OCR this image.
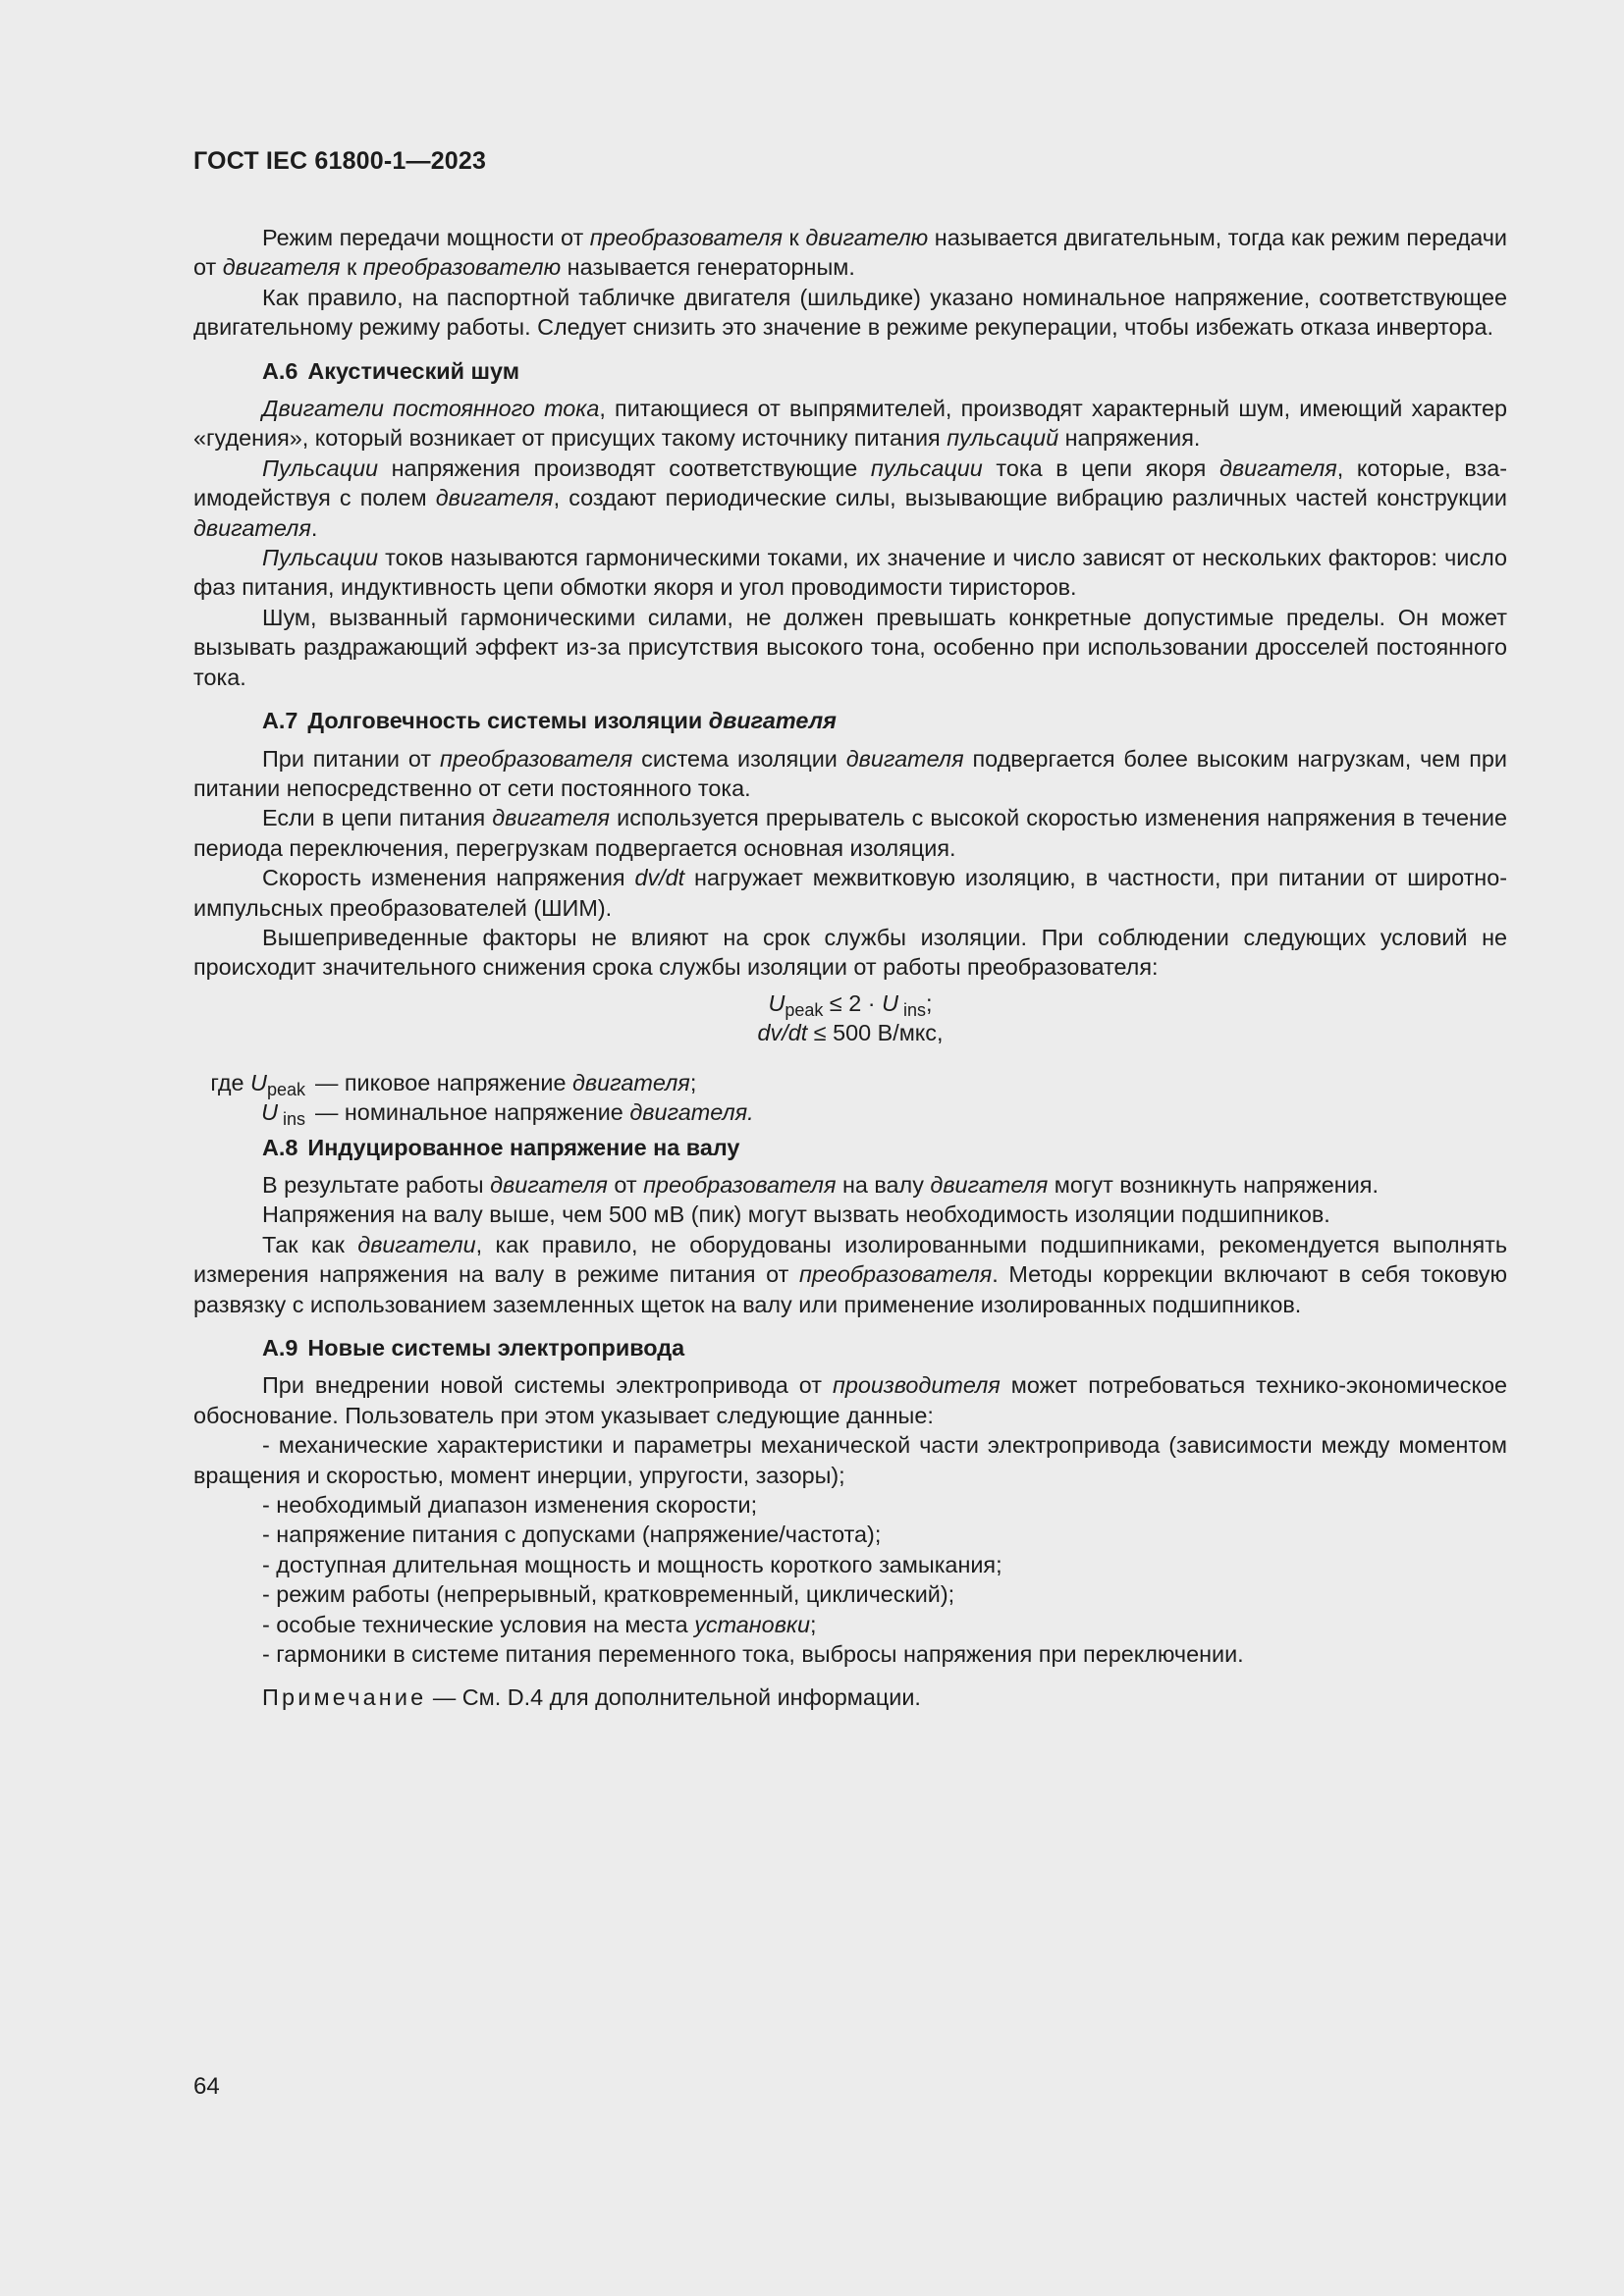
ГОСТ IEC 61800-1—2023

Режим передачи мощности от преобразователя к двигателю называется двигательным, тогда как режим передачи от двигателя к преобразователю называется генераторным.

Как правило, на паспортной табличке двигателя (шильдике) указано номинальное напряжение, соответствующее двигательному режиму работы. Следует снизить это значение в режиме рекуперации, чтобы избежать отказа инвертора.

А.6 Акустический шум

Двигатели постоянного тока, питающиеся от выпрямителей, производят характерный шум, имеющий характер «гудения», который возникает от присущих такому источнику питания пульсаций напряжения.

Пульсации напряжения производят соответствующие пульсации тока в цепи якоря двигателя, которые, взаимодействуя с полем двигателя, создают периодические силы, вызывающие вибрацию различных частей конструкции двигателя.

Пульсации токов называются гармоническими токами, их значение и число зависят от нескольких факторов: число фаз питания, индуктивность цепи обмотки якоря и угол проводимости тиристоров.

Шум, вызванный гармоническими силами, не должен превышать конкретные допустимые пределы. Он может вызывать раздражающий эффект из-за присутствия высокого тона, особенно при использовании дросселей постоянного тока.

А.7 Долговечность системы изоляции двигателя

При питании от преобразователя система изоляции двигателя подвергается более высоким нагрузкам, чем при питании непосредственно от сети постоянного тока.

Если в цепи питания двигателя используется прерыватель с высокой скоростью изменения напряжения в течение периода переключения, перегрузкам подвергается основная изоляция.

Скорость изменения напряжения dv/dt нагружает межвитковую изоляцию, в частности, при питании от широтно-импульсных преобразователей (ШИМ).

Вышеприведенные факторы не влияют на срок службы изоляции. При соблюдении следующих условий не происходит значительного снижения срока службы изоляции от работы преобразователя:

$U_{peak} \le 2 \cdot U$ $_{ins}$;

dv/dt ≤ 500 В/мкс,

где $U_{peak}$ — пиковое напряжение двигателя;
U $_{ins}$ — номинальное напряжение двигателя.
А.8 Индуцированное напряжение на валу

В результате работы двигателя от преобразователя на валу двигателя могут возникнуть напряжения.

Напряжения на валу выше, чем 500 мВ (пик) могут вызвать необходимость изоляции подшипников.

Так как двигатели, как правило, не оборудованы изолированными подшипниками, рекомендуется выполнять измерения напряжения на валу в режиме питания от преобразователя. Методы коррекции включают в себя токовую развязку с использованием заземленных щеток на валу или применение изолированных подшипников.

А.9 Новые системы электропривода

При внедрении новой системы электропривода от производителя может потребоваться технико-экономическое обоснование. Пользователь при этом указывает следующие данные:

- механические характеристики и параметры механической части электропривода (зависимости между моментом вращения и скоростью, момент инерции, упругости, зазоры);

- необходимый диапазон изменения скорости;

- напряжение питания с допусками (напряжение/частота);

- доступная длительная мощность и мощность короткого замыкания;

- режим работы (непрерывный, кратковременный, циклический);

- особые технические условия на места установки;

- гармоники в системе питания переменного тока, выбросы напряжения при переключении.

Примечание — См. D.4 для дополнительной информации.

64
